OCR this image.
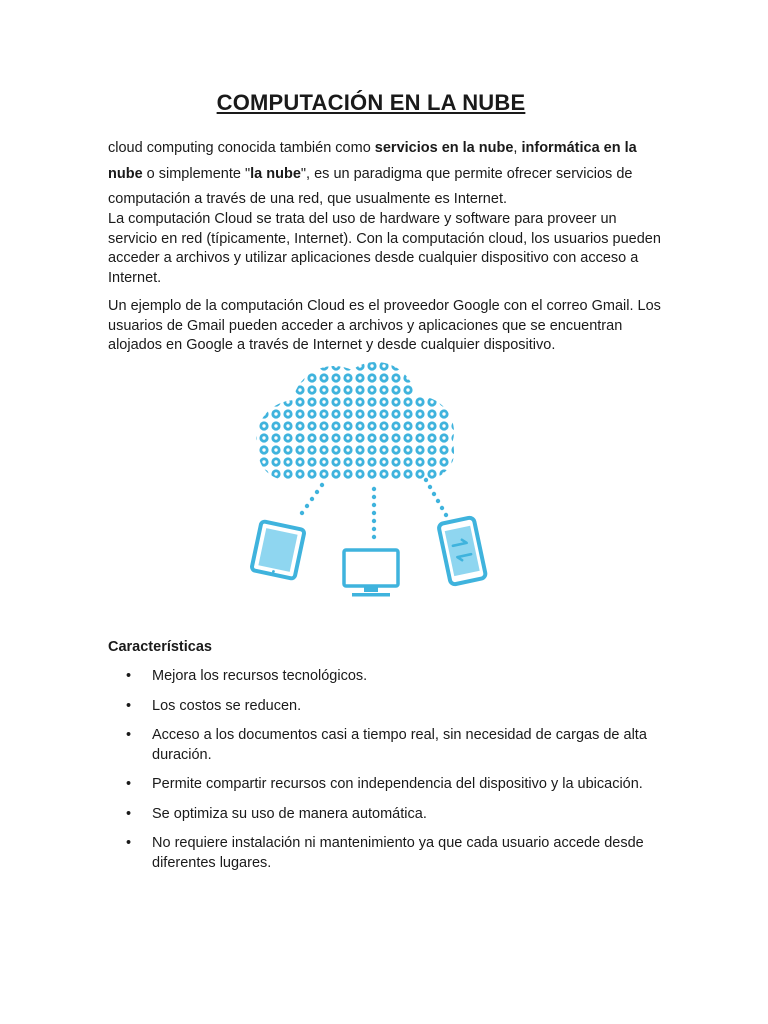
COMPUTACIÓN EN LA NUBE

cloud computing conocida también como servicios en la nube, informática en la nube o simplemente "la nube", es un paradigma que permite ofrecer servicios de computación a través de una red, que usualmente es Internet.

La computación Cloud se trata del uso de hardware y software para proveer un servicio en red (típicamente, Internet). Con la computación cloud, los usuarios pueden acceder a archivos y utilizar aplicaciones desde cualquier dispositivo con acceso a Internet.

Un ejemplo de la computación Cloud es el proveedor Google con el correo Gmail. Los usuarios de Gmail pueden acceder a archivos y aplicaciones que se encuentran alojados en Google a través de Internet y desde cualquier dispositivo.

Características
• Mejora los recursos tecnológicos.
• Los costos se reducen.
• Acceso a los documentos casi a tiempo real, sin necesidad de cargas de alta duración.
• Permite compartir recursos con independencia del dispositivo y la ubicación.
• Se optimiza su uso de manera automática.
• No requiere instalación ni mantenimiento ya que cada usuario accede desde diferentes lugares.
